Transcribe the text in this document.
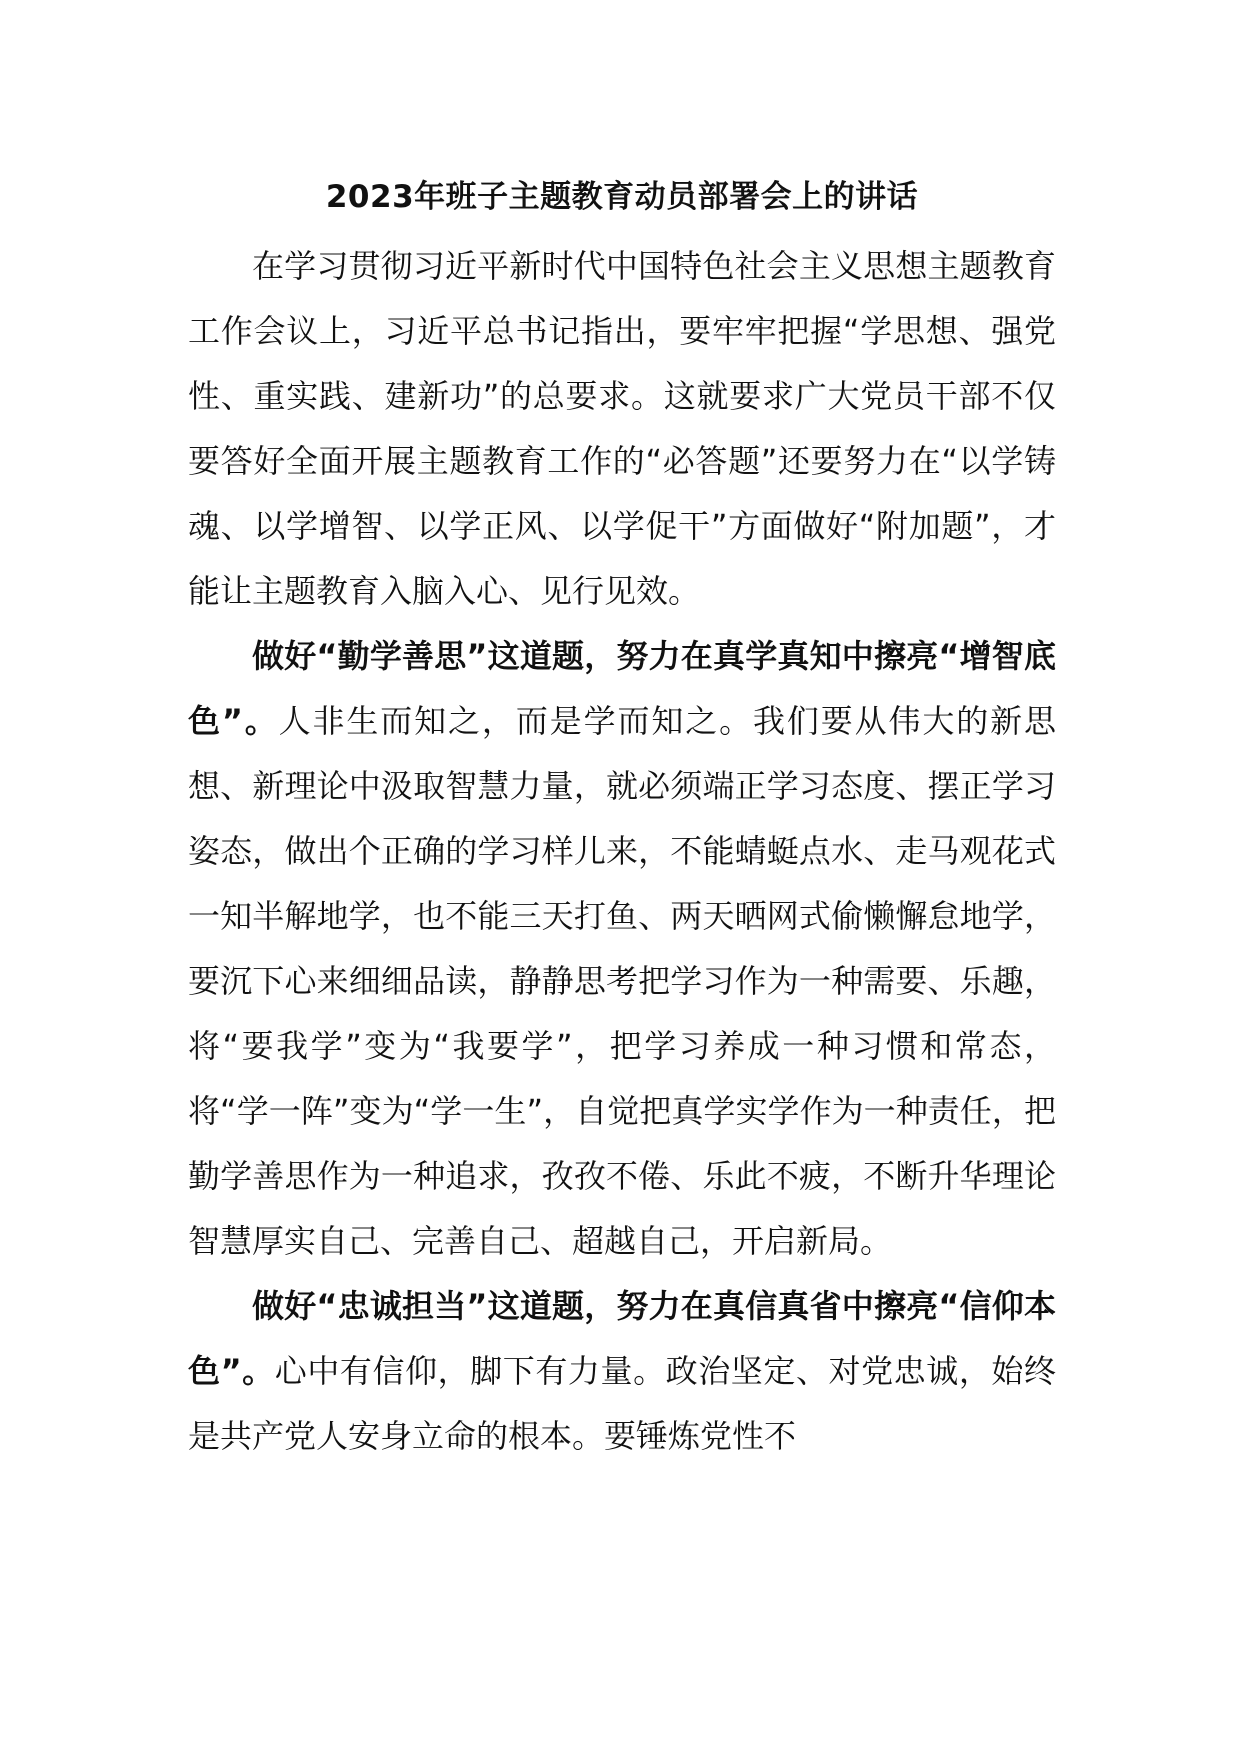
2023年班子主题教育动员部署会上的讲话

在学习贯彻习近平新时代中国特色社会主义思想主题教育工作会议上，习近平总书记指出，要牢牢把握“学思想、强党性、重实践、建新功”的总要求。这就要求广大党员干部不仅要答好全面开展主题教育工作的“必答题”还要努力在“以学铸魂、以学增智、以学正风、以学促干”方面做好“附加题”，才能让主题教育入脑入心、见行见效。

做好“勤学善思”这道题，努力在真学真知中擦亮“增智底色”。人非生而知之，而是学而知之。我们要从伟大的新思想、新理论中汲取智慧力量，就必须端正学习态度、摆正学习姿态，做出个正确的学习样儿来，不能蜻蜓点水、走马观花式一知半解地学，也不能三天打鱼、两天晒网式偷懒懈怠地学，要沉下心来细细品读，静静思考把学习作为一种需要、乐趣，将“要我学”变为“我要学”，把学习养成一种习惯和常态，将“学一阵”变为“学一生”，自觉把真学实学作为一种责任，把勤学善思作为一种追求，孜孜不倦、乐此不疲，不断升华理论智慧厚实自己、完善自己、超越自己，开启新局。

做好“忠诚担当”这道题，努力在真信真省中擦亮“信仰本色”。心中有信仰，脚下有力量。政治坚定、对党忠诚，始终是共产党人安身立命的根本。要锤炼党性不
